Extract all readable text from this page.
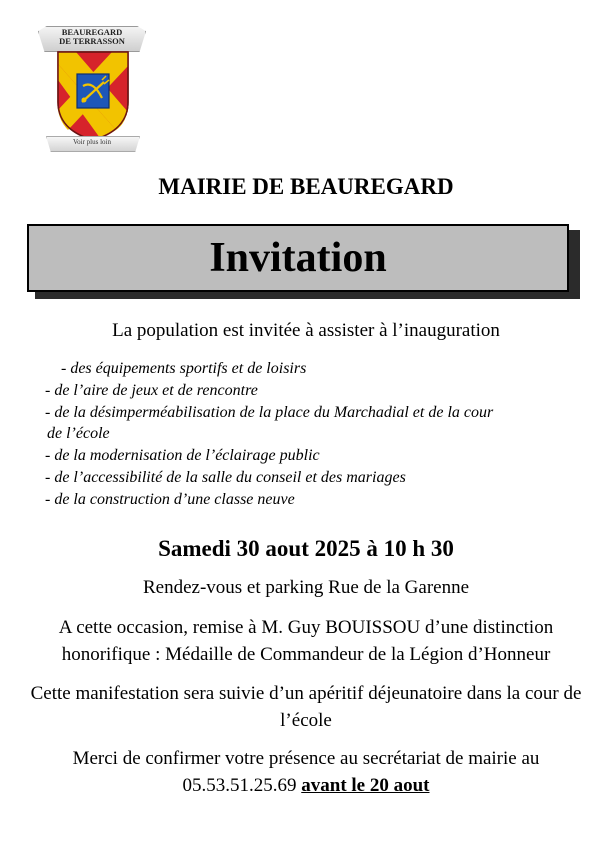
BEAUREGARD
DE TERRASSON
Voir plus loin
MAIRIE DE BEAUREGARD
Invitation
La population est invitée à assister à l’inauguration
- des équipements sportifs et de loisirs
- de l’aire de jeux et de rencontre
- de la désimperméabilisation de la place du Marchadial et de la cour
de l’école
- de la modernisation de l’éclairage public
- de l’accessibilité de la salle du conseil et des mariages
- de la construction d’une classe neuve
Samedi 30 aout 2025 à 10 h 30
Rendez-vous et parking Rue de la Garenne
A cette occasion, remise à M. Guy BOUISSOU d’une distinction honorifique : Médaille de Commandeur de la Légion d’Honneur
Cette manifestation sera suivie d’un apéritif déjeunatoire dans la cour de l’école
Merci de confirmer votre présence au secrétariat de mairie au 05.53.51.25.69 avant le 20 aout
